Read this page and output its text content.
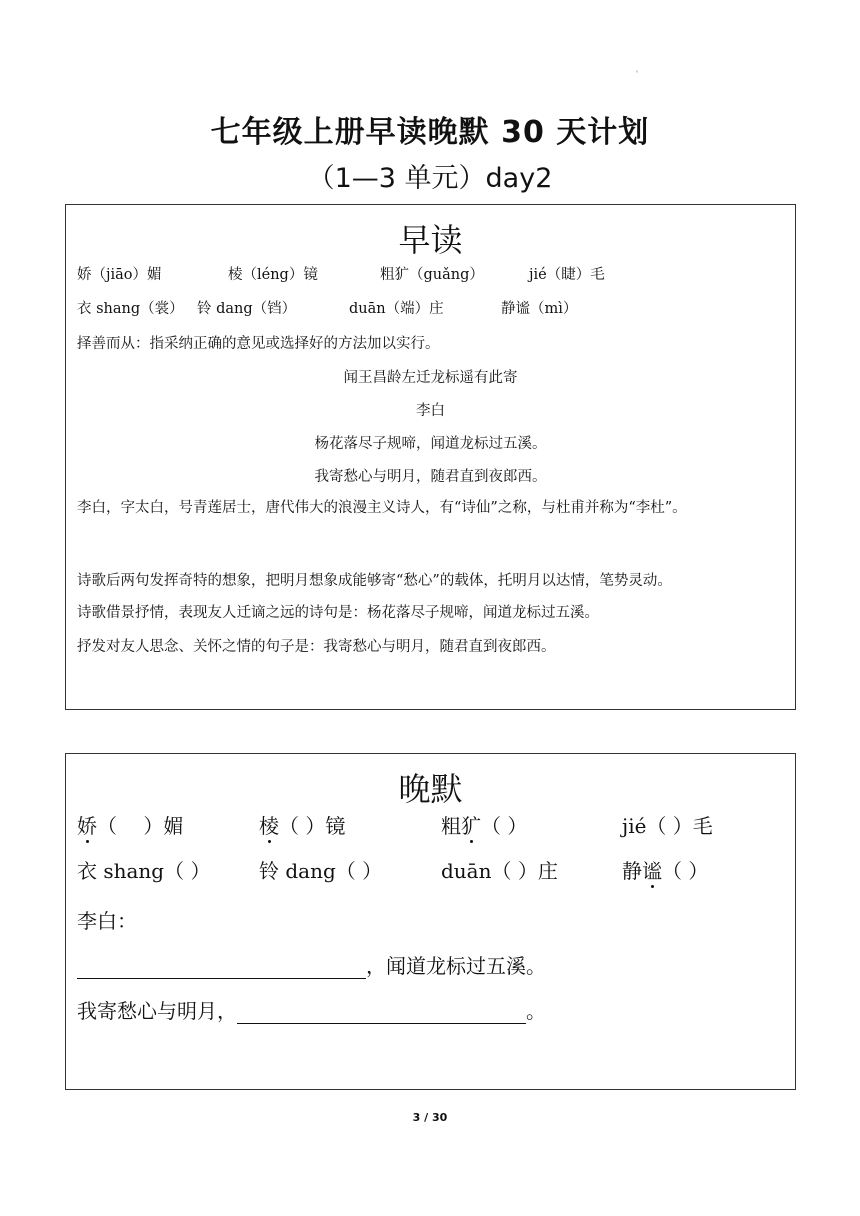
'
七年级上册早读晚默 30 天计划
（1—3 单元）day2
早读
娇（jiāo）媚	棱（léng）镜	粗犷（guǎng）	jié（睫）毛
衣 shang（裳） 铃 dang（铛）	duān（端）庄	静谧（mì）
择善而从：指采纳正确的意见或选择好的方法加以实行。
闻王昌龄左迁龙标遥有此寄
李白
杨花落尽子规啼，闻道龙标过五溪。
我寄愁心与明月，随君直到夜郎西。
李白，字太白，号青莲居士，唐代伟大的浪漫主义诗人，有“诗仙”之称，与杜甫并称为“李杜”。
诗歌后两句发挥奇特的想象，把明月想象成能够寄“愁心”的载体，托明月以达情，笔势灵动。
诗歌借景抒情，表现友人迁谪之远的诗句是：杨花落尽子规啼，闻道龙标过五溪。
抒发对友人思念、关怀之情的句子是：我寄愁心与明月，随君直到夜郎西。
晚默
娇（　 ）媚	棱（ ）镜	粗犷（ ）	jié（ ）毛
衣 shang（ ） 铃 dang（ ）	duān（ ）庄	静谧（ ）
李白：
，闻道龙标过五溪。
我寄愁心与明月，	。
3 / 30
